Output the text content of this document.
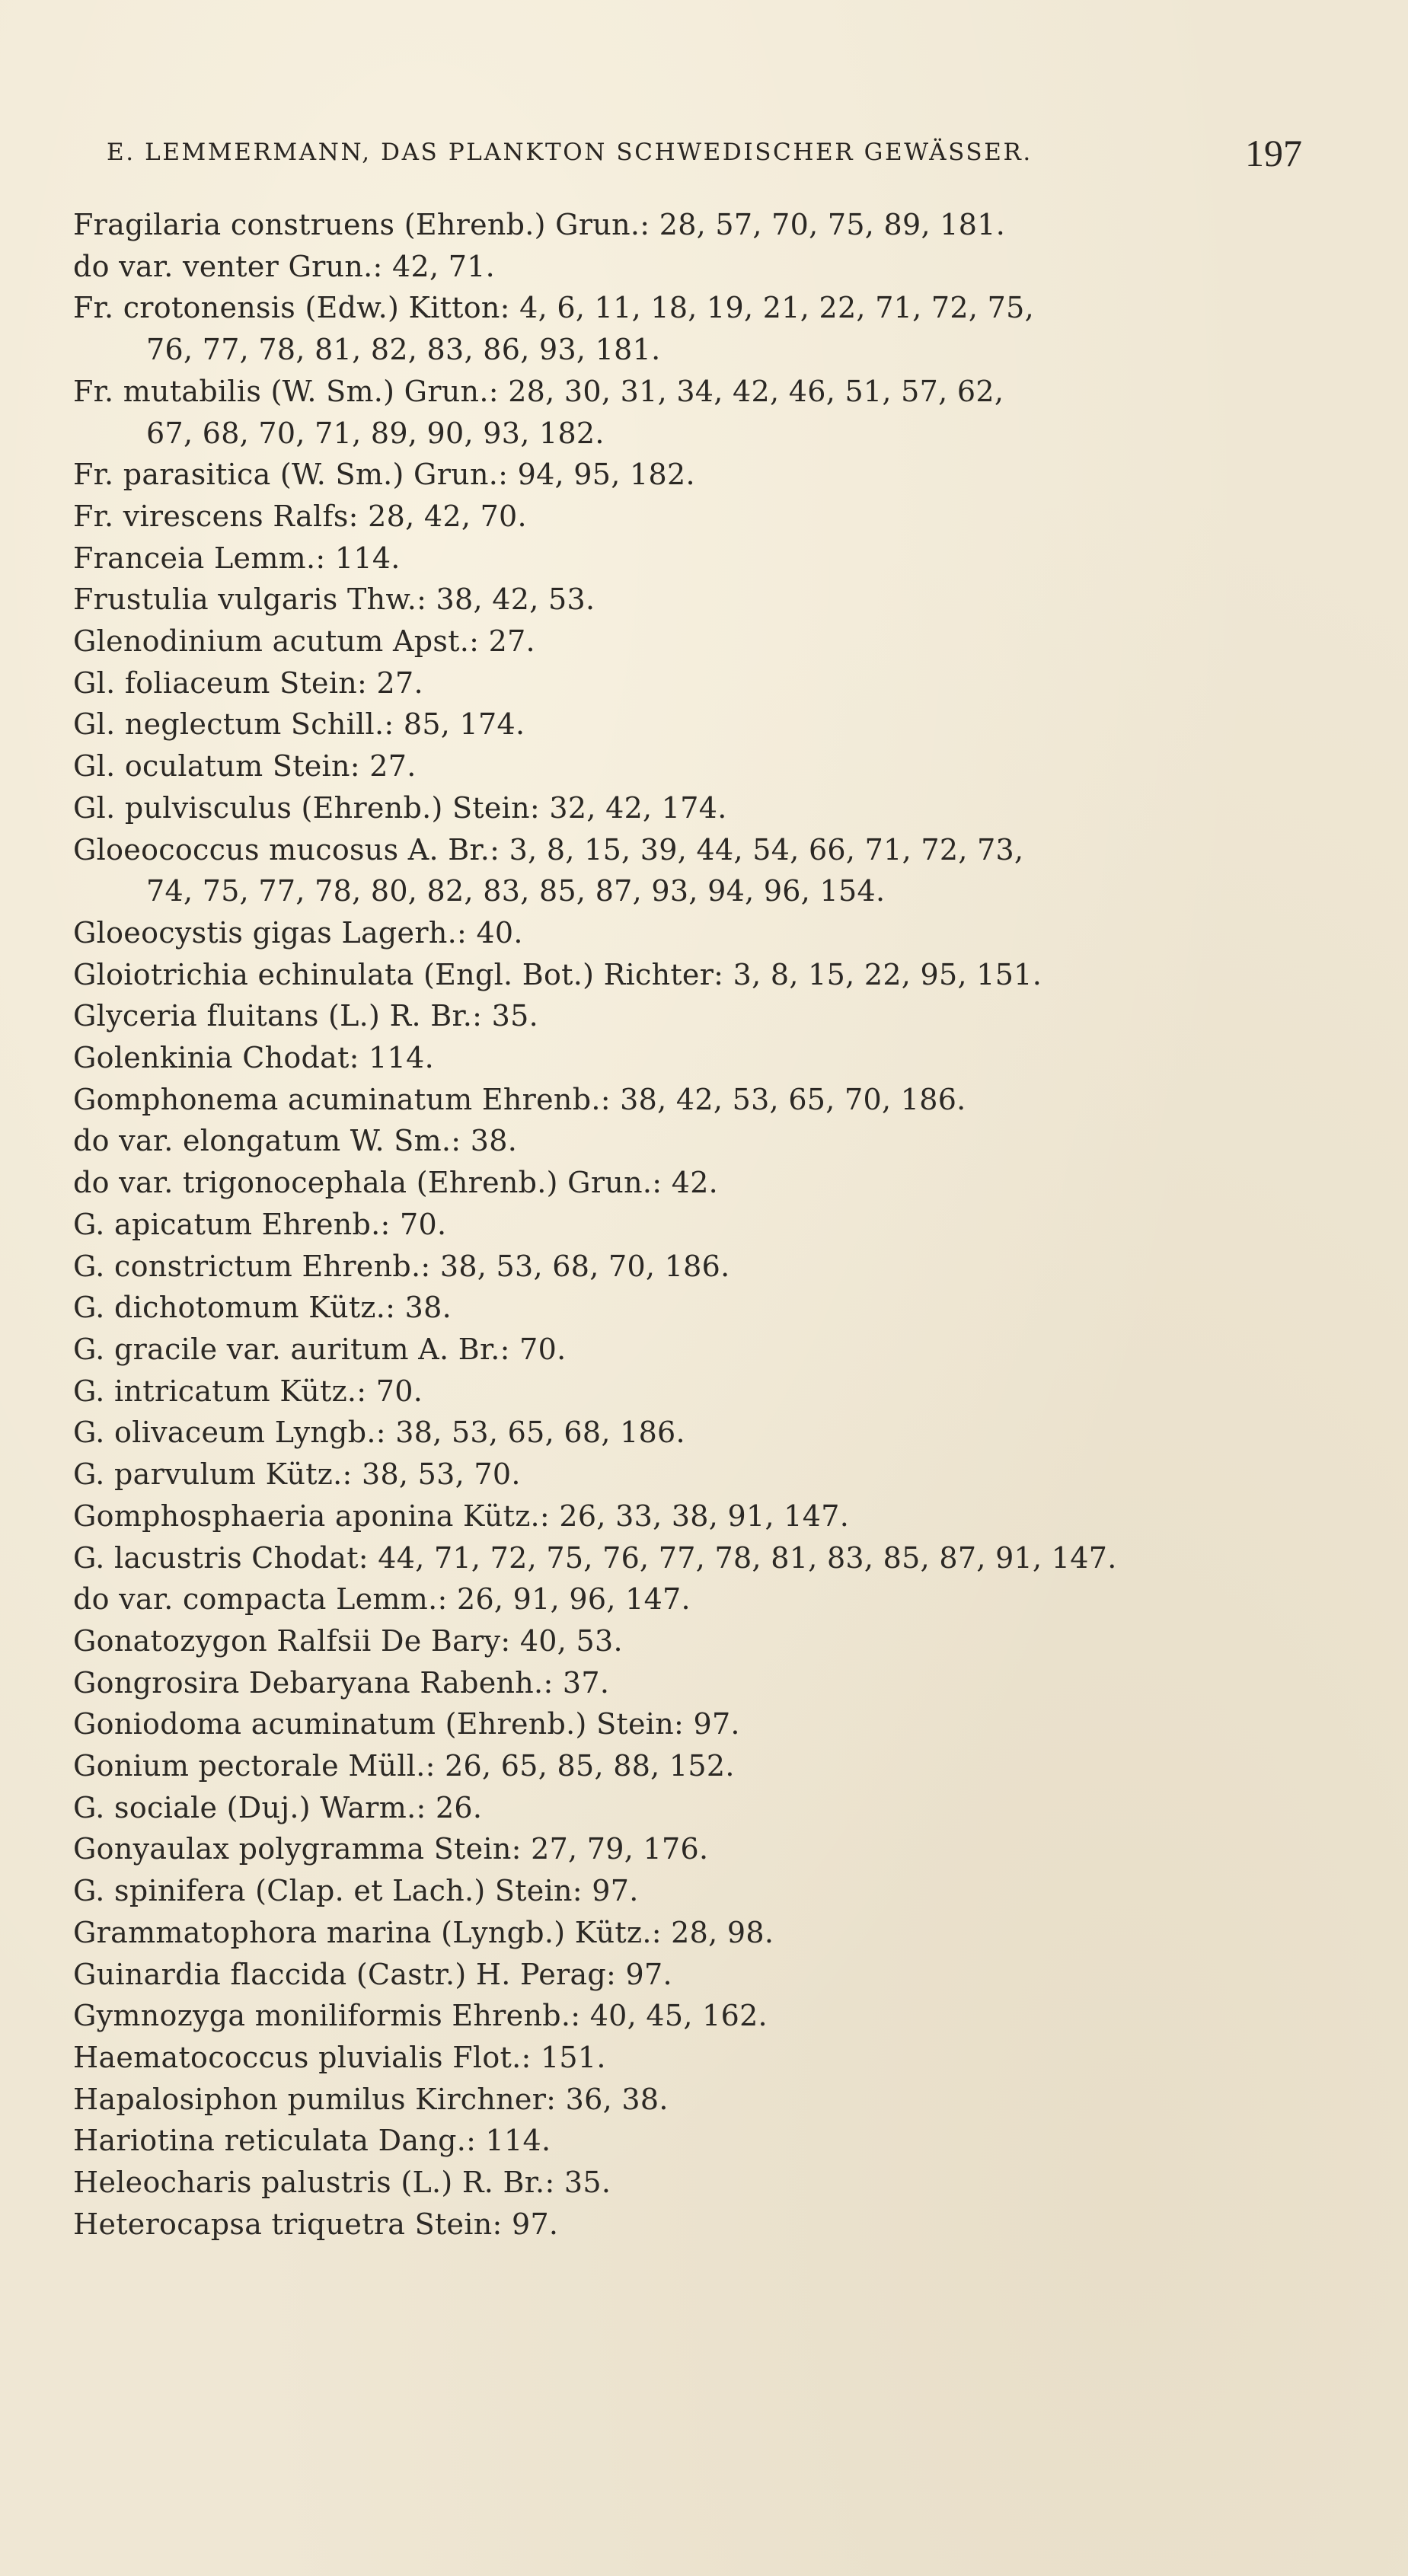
E. LEMMERMANN, DAS PLANKTON SCHWEDISCHER GEWÄSSER.	197
Fragilaria construens (Ehrenb.) Grun.: 28, 57, 70, 75, 89, 181.
do var. venter Grun.: 42, 71.
Fr. crotonensis (Edw.) Kitton: 4, 6, 11, 18, 19, 21, 22, 71, 72, 75,
76, 77, 78, 81, 82, 83, 86, 93, 181.
Fr. mutabilis (W. Sm.) Grun.: 28, 30, 31, 34, 42, 46, 51, 57, 62,
67, 68, 70, 71, 89, 90, 93, 182.
Fr. parasitica (W. Sm.) Grun.: 94, 95, 182.
Fr. virescens Ralfs: 28, 42, 70.
Franceia Lemm.: 114.
Frustulia vulgaris Thw.: 38, 42, 53.
Glenodinium acutum Apst.: 27.
Gl. foliaceum Stein: 27.
Gl. neglectum Schill.: 85, 174.
Gl. oculatum Stein: 27.
Gl. pulvisculus (Ehrenb.) Stein: 32, 42, 174.
Gloeococcus mucosus A. Br.: 3, 8, 15, 39, 44, 54, 66, 71, 72, 73,
74, 75, 77, 78, 80, 82, 83, 85, 87, 93, 94, 96, 154.
Gloeocystis gigas Lagerh.: 40.
Gloiotrichia echinulata (Engl. Bot.) Richter: 3, 8, 15, 22, 95, 151.
Glyceria fluitans (L.) R. Br.: 35.
Golenkinia Chodat: 114.
Gomphonema acuminatum Ehrenb.: 38, 42, 53, 65, 70, 186.
do var. elongatum W. Sm.: 38.
do var. trigonocephala (Ehrenb.) Grun.: 42.
G. apicatum Ehrenb.: 70.
G. constrictum Ehrenb.: 38, 53, 68, 70, 186.
G. dichotomum Kütz.: 38.
G. gracile var. auritum A. Br.: 70.
G. intricatum Kütz.: 70.
G. olivaceum Lyngb.: 38, 53, 65, 68, 186.
G. parvulum Kütz.: 38, 53, 70.
Gomphosphaeria aponina Kütz.: 26, 33, 38, 91, 147.
G. lacustris Chodat: 44, 71, 72, 75, 76, 77, 78, 81, 83, 85, 87, 91, 147.
do var. compacta Lemm.: 26, 91, 96, 147.
Gonatozygon Ralfsii De Bary: 40, 53.
Gongrosira Debaryana Rabenh.: 37.
Goniodoma acuminatum (Ehrenb.) Stein: 97.
Gonium pectorale Müll.: 26, 65, 85, 88, 152.
G. sociale (Duj.) Warm.: 26.
Gonyaulax polygramma Stein: 27, 79, 176.
G. spinifera (Clap. et Lach.) Stein: 97.
Grammatophora marina (Lyngb.) Kütz.: 28, 98.
Guinardia flaccida (Castr.) H. Perag: 97.
Gymnozyga moniliformis Ehrenb.: 40, 45, 162.
Haematococcus pluvialis Flot.: 151.
Hapalosiphon pumilus Kirchner: 36, 38.
Hariotina reticulata Dang.: 114.
Heleocharis palustris (L.) R. Br.: 35.
Heterocapsa triquetra Stein: 97.
